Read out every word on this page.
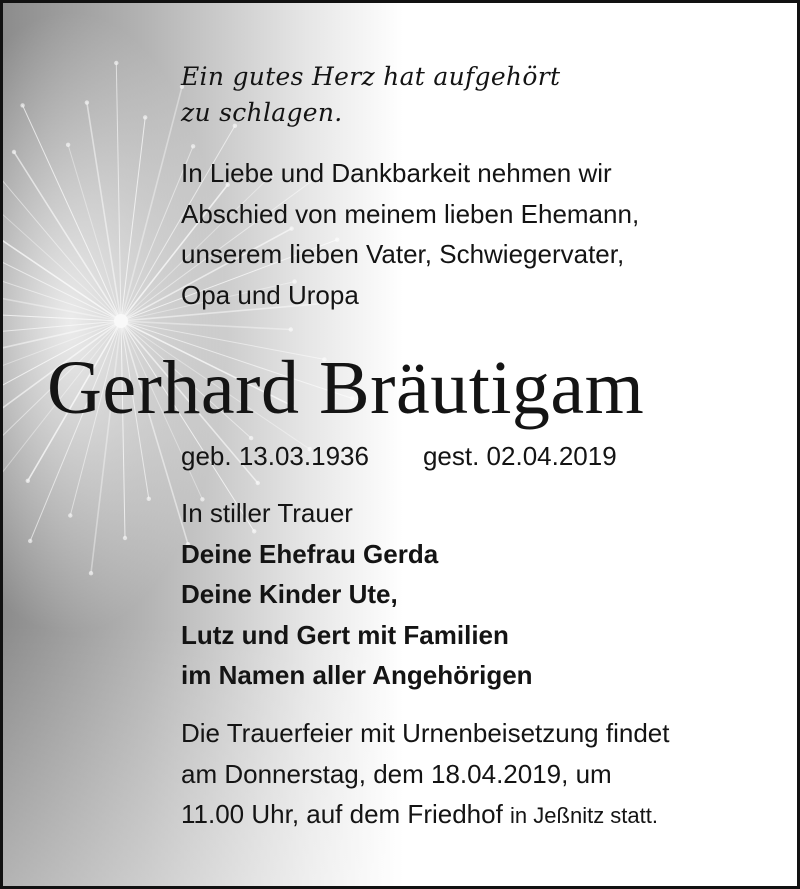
Ein gutes Herz hat aufgehört
zu schlagen.
In Liebe und Dankbarkeit nehmen wir
Abschied von meinem lieben Ehemann,
unserem lieben Vater, Schwiegervater,
Opa und Uropa
Gerhard Bräutigam
geb. 13.03.1936 gest. 02.04.2019
In stiller Trauer
Deine Ehefrau Gerda
Deine Kinder Ute,
Lutz und Gert mit Familien
im Namen aller Angehörigen
Die Trauerfeier mit Urnenbeisetzung findet
am Donnerstag, dem 18.04.2019, um
11.00 Uhr, auf dem Friedhof in Jeßnitz statt.
